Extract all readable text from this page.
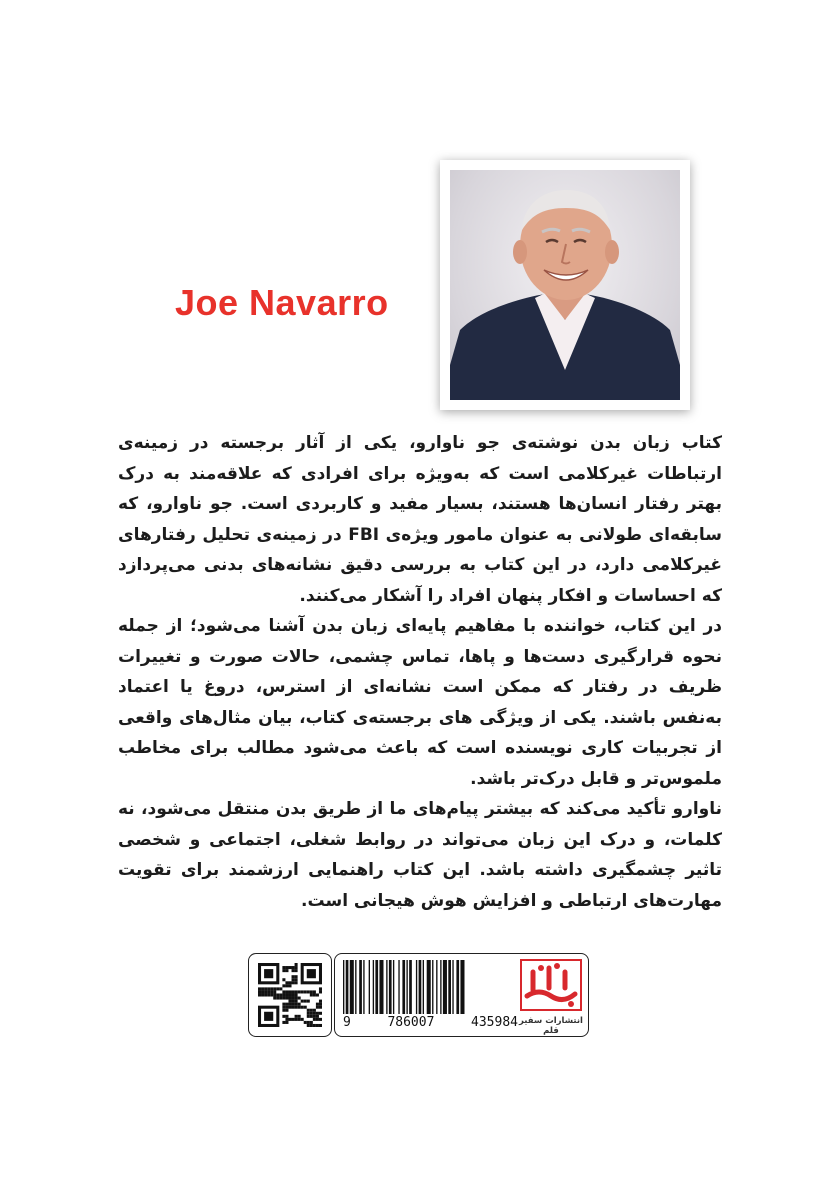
Joe Navarro

کتاب زبان بدن نوشته‌ی جو ناوارو، یکی از آثار برجسته در زمینه‌ی ارتباطات غیرکلامی است که به‌ویژه برای افرادی که علاقه‌مند به درک بهتر رفتار انسان‌ها هستند، بسیار مفید و کاربردی است. جو ناوارو، که سابقه‌ای طولانی به عنوان مامور ویژه‌ی FBI در زمینه‌ی تحلیل رفتارهای غیرکلامی دارد، در این کتاب به بررسی دقیق نشانه‌های بدنی می‌پردازد که احساسات و افکار پنهان افراد را آشکار می‌کنند.

در این کتاب، خواننده با مفاهیم پایه‌ای زبان بدن آشنا می‌شود؛ از جمله نحوه قرارگیری دست‌ها و پاها، تماس چشمی، حالات صورت و تغییرات ظریف در رفتار که ممکن است نشانه‌ای از استرس، دروغ یا اعتماد به‌نفس باشند. یکی از ویژگی های برجسته‌ی کتاب، بیان مثال‌های واقعی از تجربیات کاری نویسنده است که باعث می‌شود مطالب برای مخاطب ملموس‌تر و قابل درک‌تر باشد.

ناوارو تأکید می‌کند که بیشتر پیام‌های ما از طریق بدن منتقل می‌شود، نه کلمات، و درک این زبان می‌تواند در روابط شغلی، اجتماعی و شخصی تاثیر چشمگیری داشته باشد. این کتاب راهنمایی ارزشمند برای تقویت مهارت‌های ارتباطی و افزایش هوش هیجانی است.

9	786007	435984 انتشارات سفیر قلم
